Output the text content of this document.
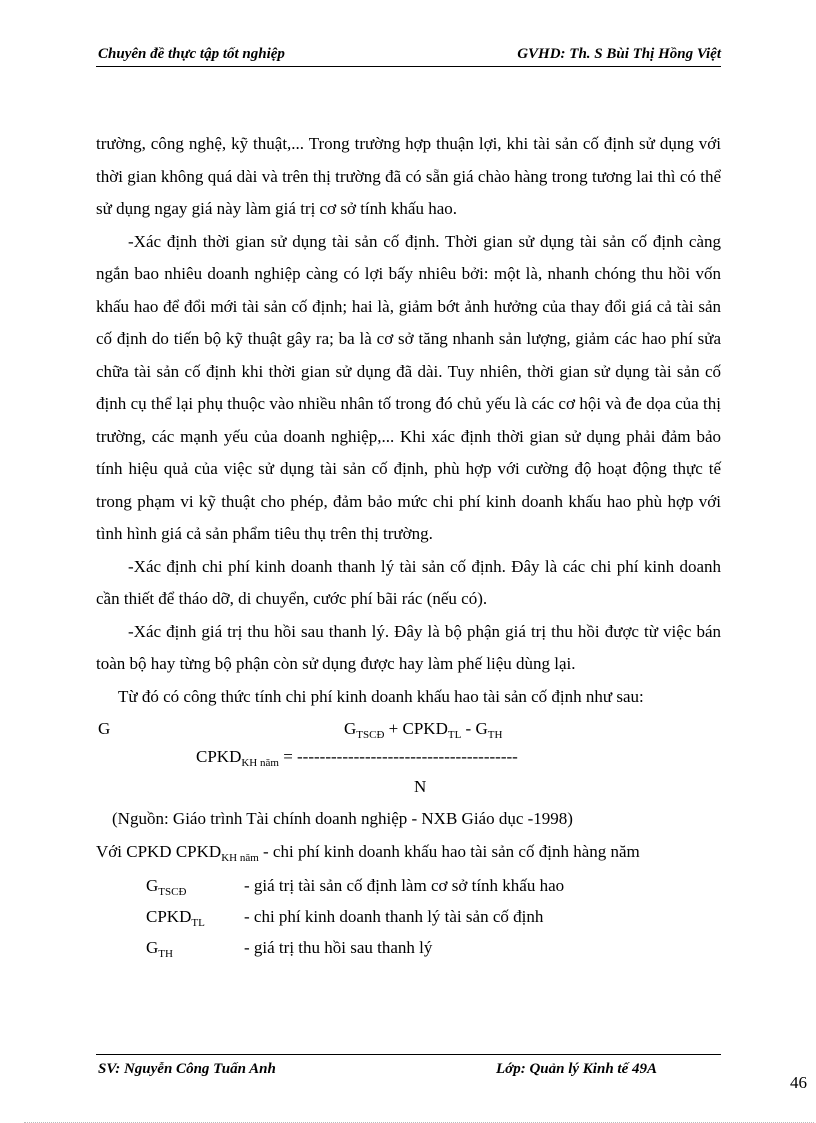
Chuyên đề thực tập tốt nghiệp	GVHD: Th. S Bùi Thị Hồng Việt

trường, công nghệ, kỹ thuật,... Trong trường hợp thuận lợi, khi tài sản cố định sử dụng với thời gian không quá dài và trên thị trường đã có sẵn giá chào hàng trong tương lai thì có thể sử dụng ngay giá này làm giá trị cơ sở tính khấu hao.

-Xác định thời gian sử dụng tài sản cố định. Thời gian sử dụng tài sản cố định càng ngắn bao nhiêu doanh nghiệp càng có lợi bấy nhiêu bởi: một là, nhanh chóng thu hồi vốn khấu hao để đổi mới tài sản cố định; hai là, giảm bớt ảnh hưởng của thay đổi giá cả tài sản cố định do tiến bộ kỹ thuật gây ra; ba là cơ sở tăng nhanh sản lượng, giảm các hao phí sửa chữa tài sản cố định khi thời gian sử dụng đã dài. Tuy nhiên, thời gian sử dụng tài sản cố định cụ thể lại phụ thuộc vào nhiều nhân tố trong đó chủ yếu là các cơ hội và đe dọa của thị trường, các mạnh yếu của doanh nghiệp,... Khi xác định thời gian sử dụng phải đảm bảo tính hiệu quả của việc sử dụng tài sản cố định, phù hợp với cường độ hoạt động thực tế trong phạm vi kỹ thuật cho phép, đảm bảo mức chi phí kinh doanh khấu hao phù hợp với tình hình giá cả sản phẩm tiêu thụ trên thị trường.

-Xác định chi phí kinh doanh thanh lý tài sản cố định. Đây là các chi phí kinh doanh cần thiết để tháo dỡ, di chuyển, cước phí bãi rác (nếu có).

-Xác định giá trị thu hồi sau thanh lý. Đây là bộ phận giá trị thu hồi được từ việc bán toàn bộ hay từng bộ phận còn sử dụng được hay làm phế liệu dùng lại.

Từ đó có công thức tính chi phí kinh doanh khấu hao tài sản cố định như sau:

G	$G_{TSCĐ}$ + $CPKD_{TL} - G_{TH}$
$CPKD_{KH năm}$ = ---------------------------------------
N

(Nguồn: Giáo trình Tài chính doanh nghiệp - NXB Giáo dục -1998)

Với CPKD $CPKD_{KH năm}$ - chi phí kinh doanh khấu hao tài sản cố định hàng năm

$G_{TSCĐ}$	- giá trị tài sản cố định làm cơ sở tính khấu hao
$CPKD_{TL}$ - chi phí kinh doanh thanh lý tài sản cố định
$G_{TH}$	- giá trị thu hồi sau thanh lý
SV: Nguyễn Công Tuấn Anh	Lớp: Quản lý Kinh tế 49A
46
